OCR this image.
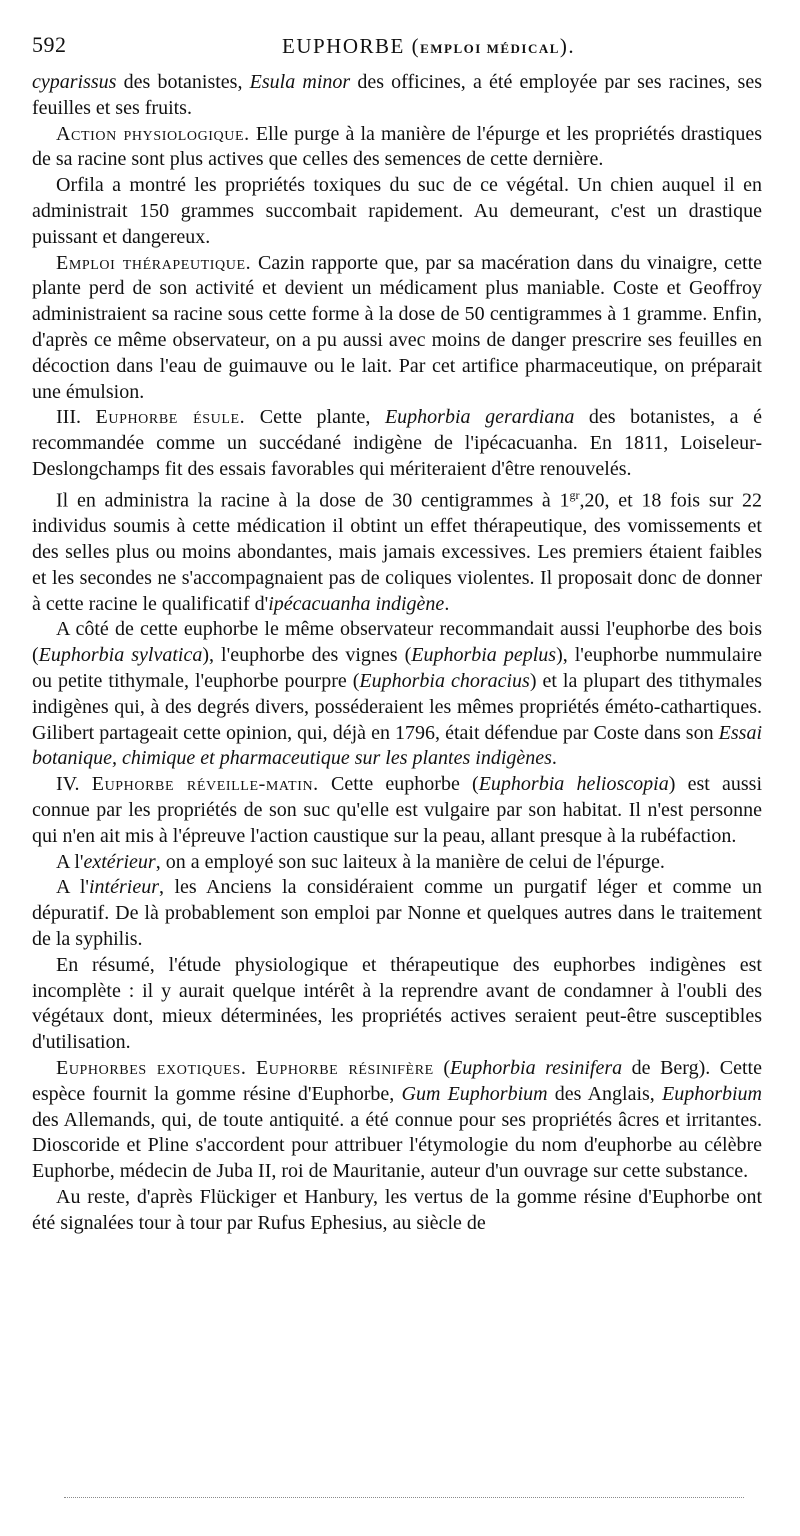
592	EUPHORBE (EMPLOI MÉDICAL).

cyparissus des botanistes, Esula minor des officines, a été employée par ses racines, ses feuilles et ses fruits.

Action physiologique. Elle purge à la manière de l'épurge et les propriétés drastiques de sa racine sont plus actives que celles des semences de cette dernière.

Orfila a montré les propriétés toxiques du suc de ce végétal. Un chien auquel il en administrait 150 grammes succombait rapidement. Au demeurant, c'est un drastique puissant et dangereux.

Emploi thérapeutique. Cazin rapporte que, par sa macération dans du vinaigre, cette plante perd de son activité et devient un médicament plus maniable. Coste et Geoffroy administraient sa racine sous cette forme à la dose de 50 centigrammes à 1 gramme. Enfin, d'après ce même observateur, on a pu aussi avec moins de danger prescrire ses feuilles en décoction dans l'eau de guimauve ou le lait. Par cet artifice pharmaceutique, on préparait une émulsion.

III. Euphorbe ésule. Cette plante, Euphorbia gerardiana des botanistes, a é recommandée comme un succédané indigène de l'ipécacuanha. En 1811, Loiseleur-Deslongchamps fit des essais favorables qui mériteraient d'être renouvelés.

Il en administra la racine à la dose de 30 centigrammes à $1^{gr},20$, et 18 fois sur 22 individus soumis à cette médication il obtint un effet thérapeutique, des vomissements et des selles plus ou moins abondantes, mais jamais excessives. Les premiers étaient faibles et les secondes ne s'accompagnaient pas de coliques violentes. Il proposait donc de donner à cette racine le qualificatif d'ipécacuanha indigène.

A côté de cette euphorbe le même observateur recommandait aussi l'euphorbe des bois (Euphorbia sylvatica), l'euphorbe des vignes (Euphorbia peplus), l'euphorbe nummulaire ou petite tithymale, l'euphorbe pourpre (Euphorbia choracius) et la plupart des tithymales indigènes qui, à des degrés divers, posséderaient les mêmes propriétés éméto-cathartiques. Gilibert partageait cette opinion, qui, déjà en 1796, était défendue par Coste dans son Essai botanique, chimique et pharmaceutique sur les plantes indigènes.

IV. Euphorbe réveille-matin. Cette euphorbe (Euphorbia helioscopia) est aussi connue par les propriétés de son suc qu'elle est vulgaire par son habitat. Il n'est personne qui n'en ait mis à l'épreuve l'action caustique sur la peau, allant presque à la rubéfaction.

A l'extérieur, on a employé son suc laiteux à la manière de celui de l'épurge.

A l'intérieur, les Anciens la considéraient comme un purgatif léger et comme un dépuratif. De là probablement son emploi par Nonne et quelques autres dans le traitement de la syphilis.

En résumé, l'étude physiologique et thérapeutique des euphorbes indigènes est incomplète : il y aurait quelque intérêt à la reprendre avant de condamner à l'oubli des végétaux dont, mieux déterminées, les propriétés actives seraient peut-être susceptibles d'utilisation.

Euphorbes exotiques. Euphorbe résinifère (Euphorbia resinifera de Berg). Cette espèce fournit la gomme résine d'Euphorbe, Gum Euphorbium des Anglais, Euphorbium des Allemands, qui, de toute antiquité. a été connue pour ses propriétés âcres et irritantes. Dioscoride et Pline s'accordent pour attribuer l'étymologie du nom d'euphorbe au célèbre Euphorbe, médecin de Juba II, roi de Mauritanie, auteur d'un ouvrage sur cette substance.

Au reste, d'après Flückiger et Hanbury, les vertus de la gomme résine d'Euphorbe ont été signalées tour à tour par Rufus Ephesius, au siècle de
